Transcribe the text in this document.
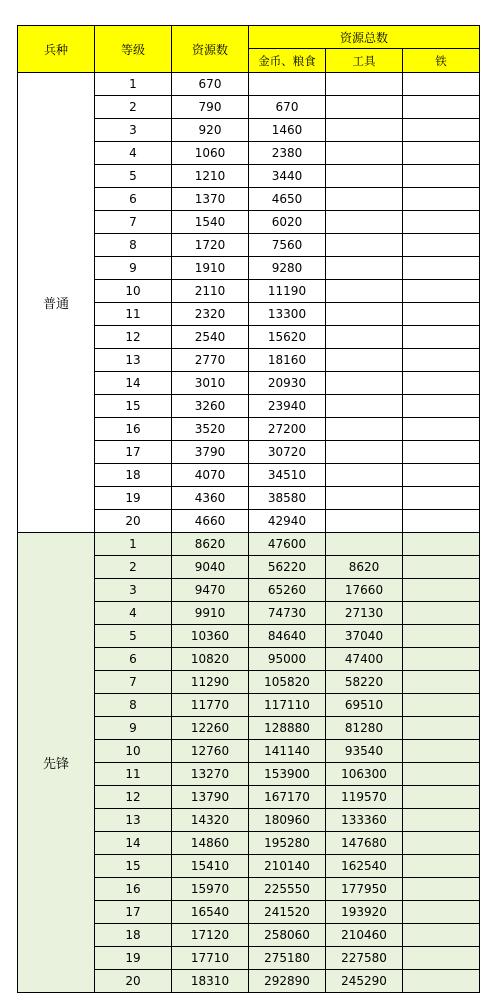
兵种	等级	资源数	资源总数		
			金币、粮食	工具	铁
普通	1	670			
	2	790	670		
	3	920	1460		
	4	1060	2380		
	5	1210	3440		
	6	1370	4650		
	7	1540	6020		
	8	1720	7560		
	9	1910	9280		
	10	2110	11190		
	11	2320	13300		
	12	2540	15620		
	13	2770	18160		
	14	3010	20930		
	15	3260	23940		
	16	3520	27200		
	17	3790	30720		
	18	4070	34510		
	19	4360	38580		
	20	4660	42940		
先锋	1	8620	47600		
	2	9040	56220	8620	
	3	9470	65260	17660	
	4	9910	74730	27130	
	5	10360	84640	37040	
	6	10820	95000	47400	
	7	11290	105820	58220	
	8	11770	117110	69510	
	9	12260	128880	81280	
	10	12760	141140	93540	
	11	13270	153900	106300	
	12	13790	167170	119570	
	13	14320	180960	133360	
	14	14860	195280	147680	
	15	15410	210140	162540	
	16	15970	225550	177950	
	17	16540	241520	193920	
	18	17120	258060	210460	
	19	17710	275180	227580	
	20	18310	292890	245290	
